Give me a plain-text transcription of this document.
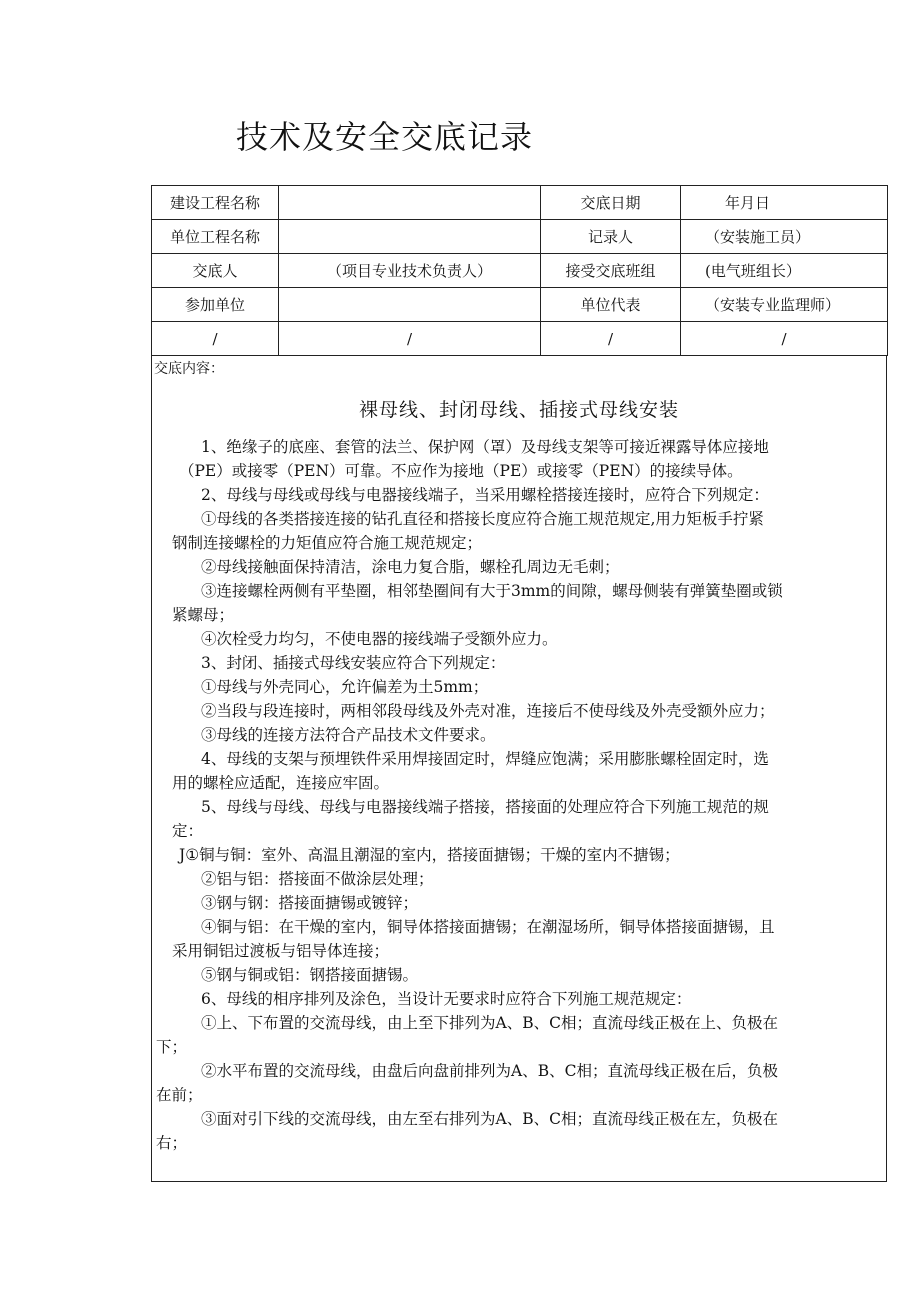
技术及安全交底记录
建设工程名称		交底日期	年月日
单位工程名称		记录人	（安装施工员）
交底人	（项目专业技术负责人）	接受交底班组	(电气班组长）
参加单位		单位代表	（安装专业监理师）
/	/	/	/
交底内容：
裸母线、封闭母线、插接式母线安装

1、绝缘子的底座、套管的法兰、保护网（罩）及母线支架等可接近裸露导体应接地

（PE）或接零（PEN）可靠。不应作为接地（PE）或接零（PEN）的接续导体。

2、母线与母线或母线与电器接线端子，当采用螺栓搭接连接时，应符合下列规定：

①母线的各类搭接连接的钻孔直径和搭接长度应符合施工规范规定,用力矩板手拧紧

钢制连接螺栓的力矩值应符合施工规范规定；

②母线接触面保持清洁，涂电力复合脂，螺栓孔周边无毛刺；

③连接螺栓两侧有平垫圈，相邻垫圈间有大于3mm的间隙，螺母侧装有弹簧垫圈或锁

紧螺母；

④次栓受力均匀，不使电器的接线端子受额外应力。

3、封闭、插接式母线安装应符合下列规定：

①母线与外壳同心，允许偏差为土5mm；

②当段与段连接时，两相邻段母线及外壳对准，连接后不使母线及外壳受额外应力；

③母线的连接方法符合产品技术文件要求。

4、母线的支架与预埋铁件采用焊接固定时，焊缝应饱满；采用膨胀螺栓固定时，选

用的螺栓应适配，连接应牢固。

5、母线与母线、母线与电器接线端子搭接，搭接面的处理应符合下列施工规范的规

定：

J①铜与铜：室外、高温且潮湿的室内，搭接面搪锡；干燥的室内不搪锡；

②铝与铝：搭接面不做涂层处理；

③钢与钢：搭接面搪锡或镀锌；

④铜与铝：在干燥的室内，铜导体搭接面搪锡；在潮湿场所，铜导体搭接面搪锡，且

采用铜铝过渡板与铝导体连接；

⑤钢与铜或铝：钢搭接面搪锡。

6、母线的相序排列及涂色，当设计无要求时应符合下列施工规范规定：

①上、下布置的交流母线，由上至下排列为A、B、C相；直流母线正极在上、负极在

下；

②水平布置的交流母线，由盘后向盘前排列为A、B、C相；直流母线正极在后，负极

在前；

③面对引下线的交流母线，由左至右排列为A、B、C相；直流母线正极在左，负极在

右；
